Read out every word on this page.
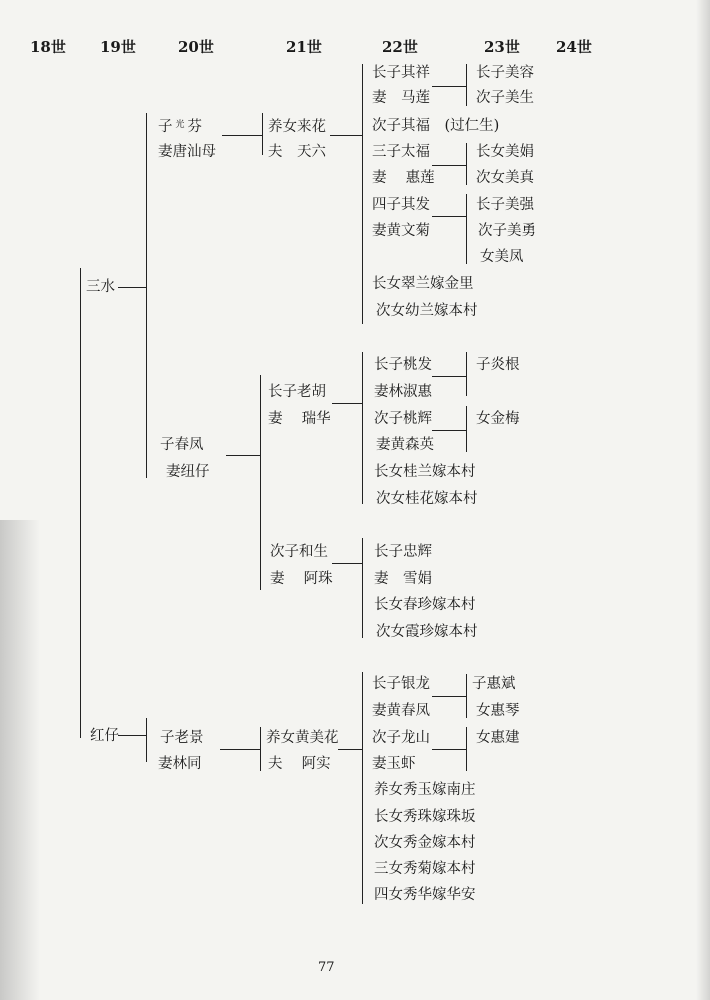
18世 19世	20世	21世	22世	23世 24世
三水
子 $^光$ 芬
妻唐汕母
养女来花
夫　天六
长子其祥
妻　马莲
次子其福　(过仁生)
三子太福
妻　 惠莲
四子其发
妻黄文菊
长女翠兰嫁金里
次女幼兰嫁本村
长子美容
次子美生
长女美娟
次女美真
长子美强
次子美勇
女美凤
子春凤
妻纽仔
长子老胡
妻　 瑞华
长子桃发
妻林淑惠
次子桃辉
妻黄森英
长女桂兰嫁本村
次女桂花嫁本村
子炎根
女金梅
次子和生
妻　 阿珠
长子忠辉
妻　雪娟
长女春珍嫁本村
次女霞珍嫁本村
红仔	子老景
妻林同
养女黄美花
夫　 阿实
长子银龙
妻黄春凤
次子龙山
妻玉虾
养女秀玉嫁南庄
长女秀珠嫁珠坂
次女秀金嫁本村
三女秀菊嫁本村
四女秀华嫁华安
子惠斌
女惠琴
女惠建
77
